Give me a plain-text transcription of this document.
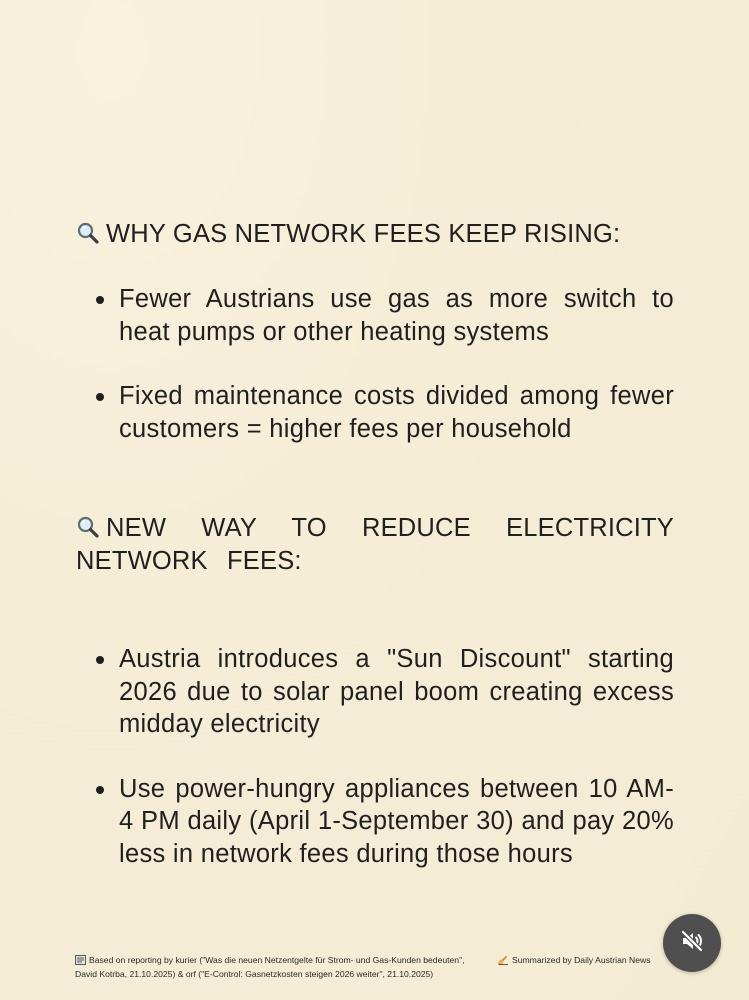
WHY GAS NETWORK FEES KEEP RISING:
Fewer Austrians use gas as more switch to heat pumps or other heating systems
Fixed maintenance costs divided among fewer customers = higher fees per household
NEW WAY TO REDUCE ELECTRICITY NETWORK FEES:
Austria introduces a "Sun Discount" starting 2026 due to solar panel boom creating excess midday electricity
Use power-hungry appliances between 10 AM-4 PM daily (April 1-September 30) and pay 20% less in network fees during those hours
Based on reporting by kurier ("Was die neuen Netzentgelte für Strom- und Gas-Kunden bedeuten", David Kotrba, 21.10.2025) & orf ("E-Control: Gasnetzkosten steigen 2026 weiter", 21.10.2025)
Summarized by Daily Austrian News
